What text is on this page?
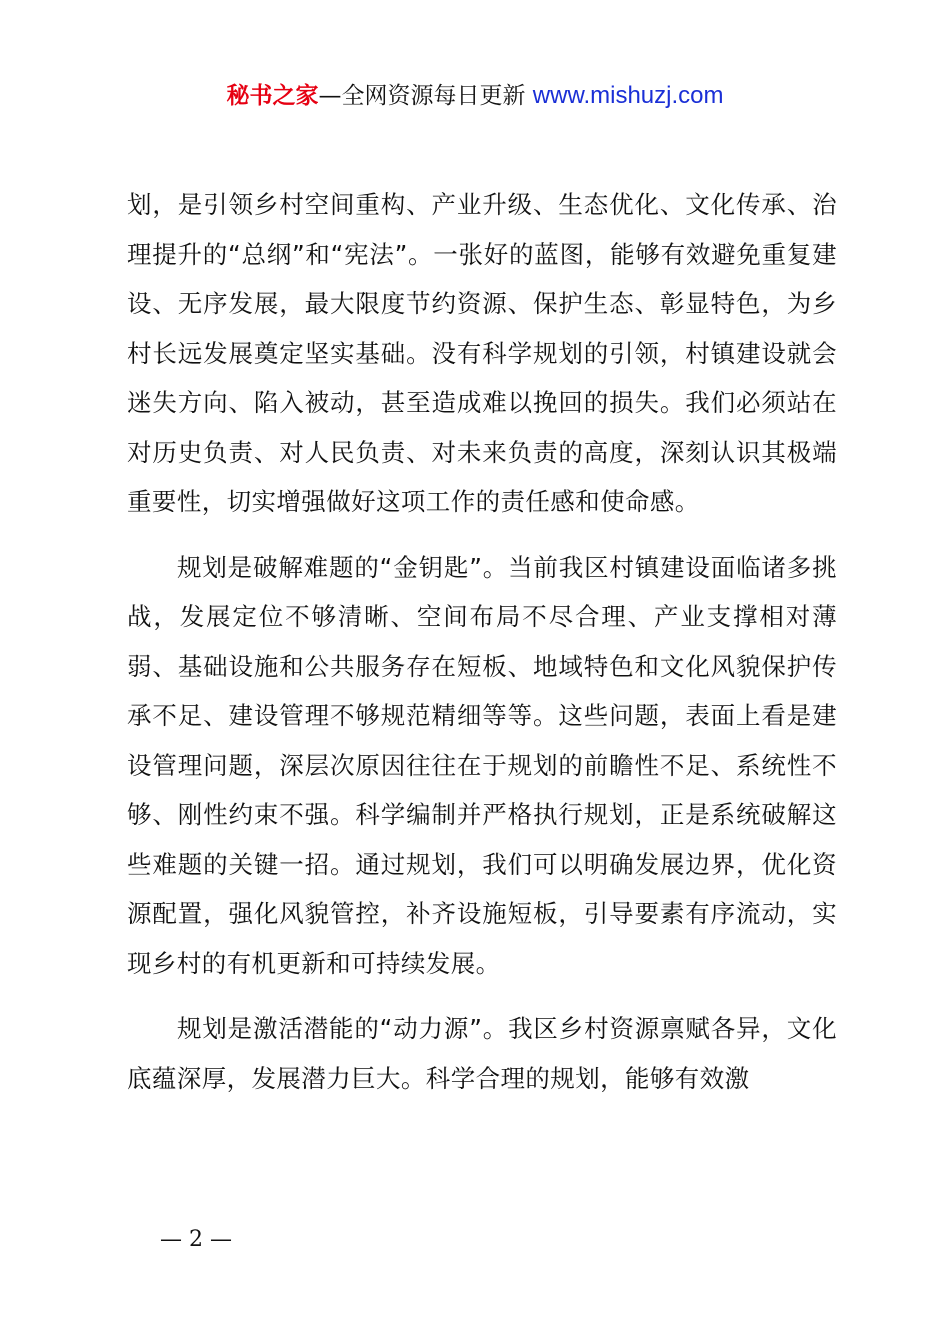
秘书之家—全网资源每日更新 www.mishuzj.com

划，是引领乡村空间重构、产业升级、生态优化、文化传承、治理提升的“总纲”和“宪法”。一张好的蓝图，能够有效避免重复建设、无序发展，最大限度节约资源、保护生态、彰显特色，为乡村长远发展奠定坚实基础。没有科学规划的引领，村镇建设就会迷失方向、陷入被动，甚至造成难以挽回的损失。我们必须站在对历史负责、对人民负责、对未来负责的高度，深刻认识其极端重要性，切实增强做好这项工作的责任感和使命感。

规划是破解难题的“金钥匙”。当前我区村镇建设面临诸多挑战，发展定位不够清晰、空间布局不尽合理、产业支撑相对薄弱、基础设施和公共服务存在短板、地域特色和文化风貌保护传承不足、建设管理不够规范精细等等。这些问题，表面上看是建设管理问题，深层次原因往往在于规划的前瞻性不足、系统性不够、刚性约束不强。科学编制并严格执行规划，正是系统破解这些难题的关键一招。通过规划，我们可以明确发展边界，优化资源配置，强化风貌管控，补齐设施短板，引导要素有序流动，实现乡村的有机更新和可持续发展。

规划是激活潜能的“动力源”。我区乡村资源禀赋各异，文化底蕴深厚，发展潜力巨大。科学合理的规划，能够有效激

— 2 —
